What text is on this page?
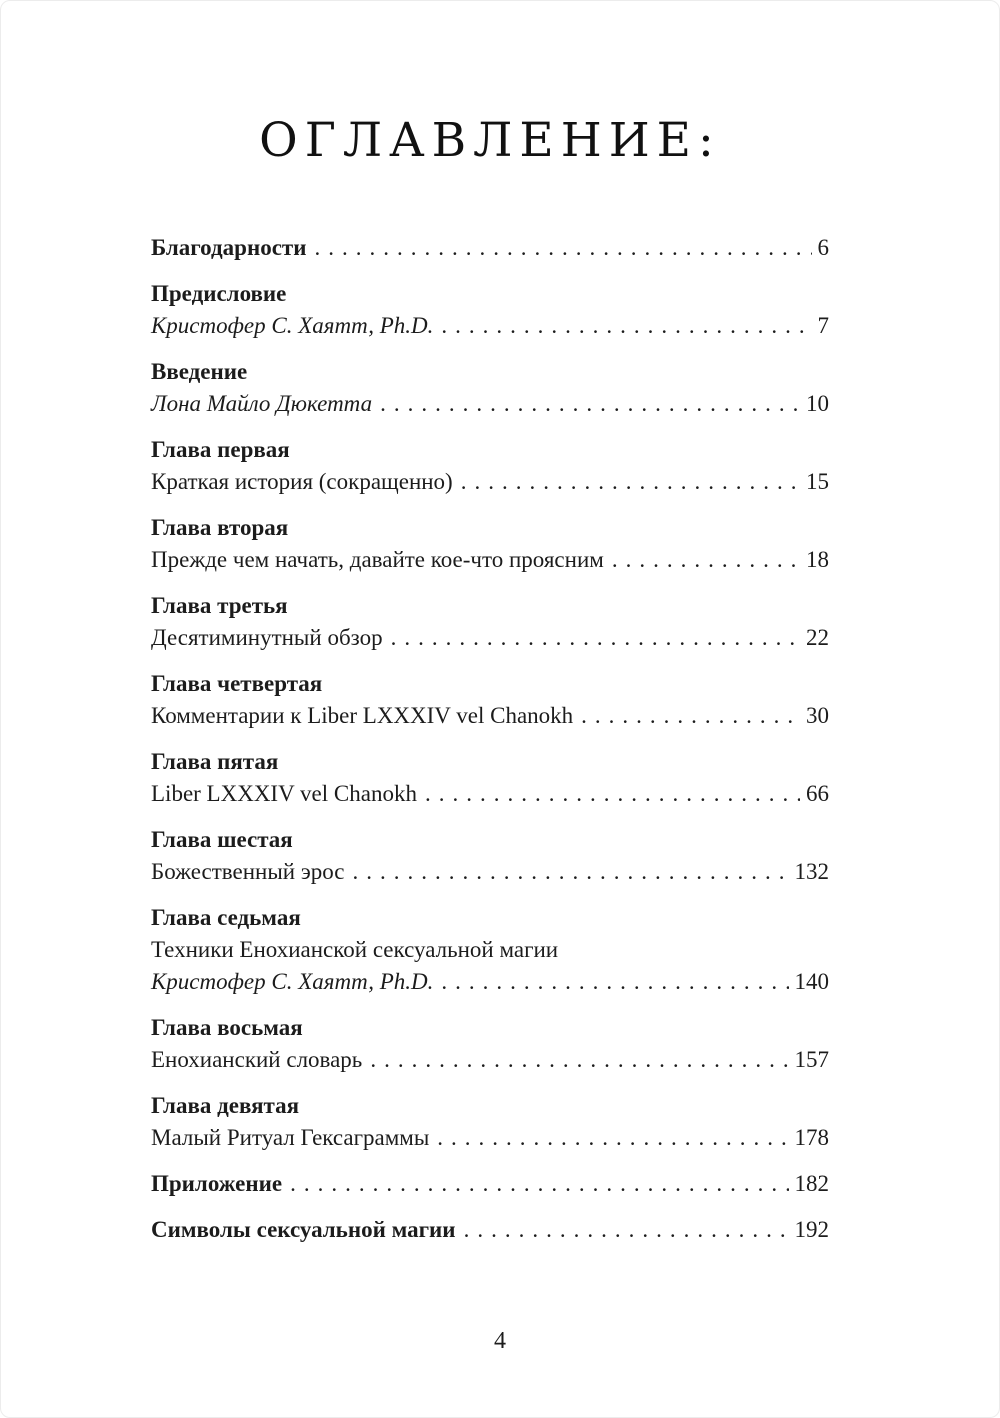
ОГЛАВЛЕНИЕ:
Благодарности .....	6
Предисловие
Кристофер С. Хаятт, Ph.D. .....	7
Введение
Лона Майло Дюкетта .....	10
Глава первая
Краткая история (сокращенно) .....	15
Глава вторая
Прежде чем начать, давайте кое-что проясним .....	18
Глава третья
Десятиминутный обзор .....	22
Глава четвертая
Комментарии к Liber LXXXIV vel Chanokh .....	30
Глава пятая
Liber LXXXIV vel Chanokh .....	66
Глава шестая
Божественный эрос .....	132
Глава седьмая
Техники Енохианской сексуальной магии
Кристофер С. Хаятт, Ph.D. .....	140
Глава восьмая
Енохианский словарь .....	157
Глава девятая
Малый Ритуал Гексаграммы .....	178
Приложение .....	182
Символы сексуальной магии .....	192
4
